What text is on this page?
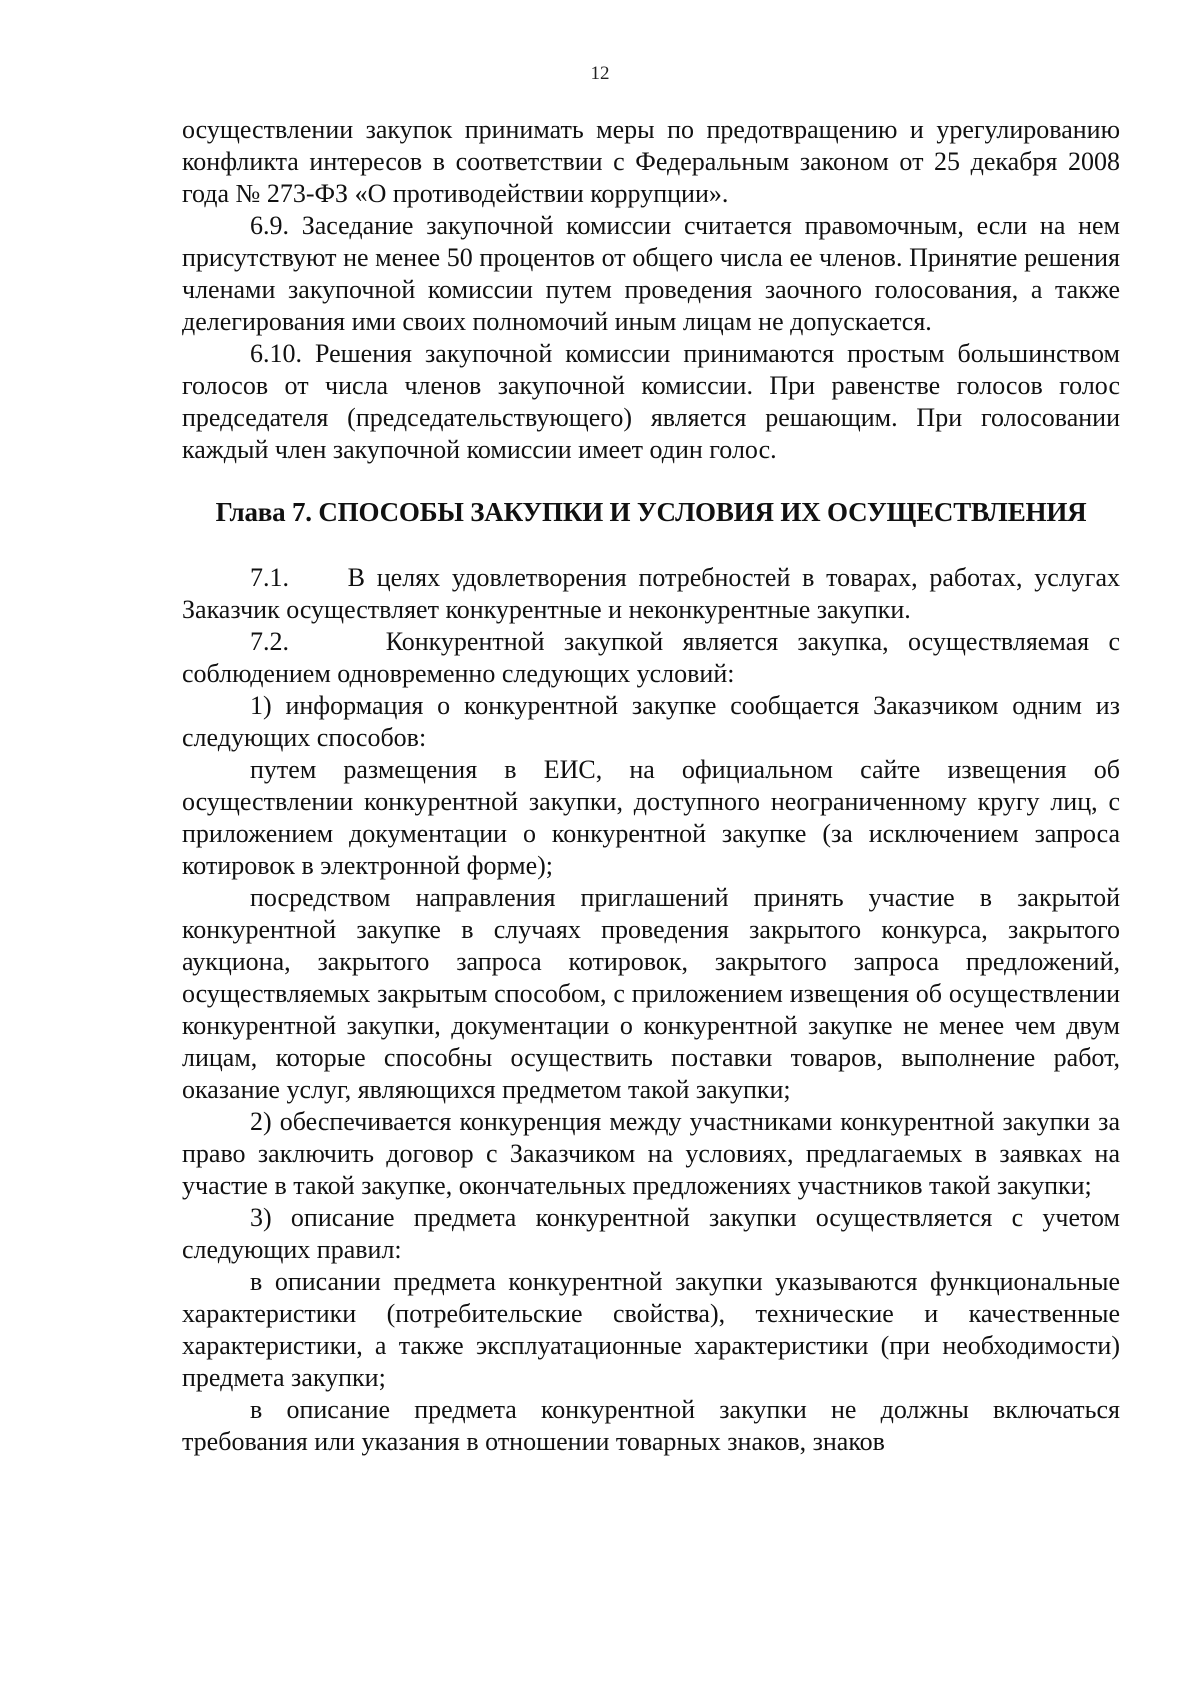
12

осуществлении закупок принимать меры по предотвращению и урегулированию конфликта интересов в соответствии с Федеральным законом от 25 декабря 2008 года № 273-ФЗ «О противодействии коррупции».

6.9. Заседание закупочной комиссии считается правомочным, если на нем присутствуют не менее 50 процентов от общего числа ее членов. Принятие решения членами закупочной комиссии путем проведения заочного голосования, а также делегирования ими своих полномочий иным лицам не допускается.

6.10. Решения закупочной комиссии принимаются простым большинством голосов от числа членов закупочной комиссии. При равенстве голосов голос председателя (председательствующего) является решающим. При голосовании каждый член закупочной комиссии имеет один голос.

Глава 7. СПОСОБЫ ЗАКУПКИ И УСЛОВИЯ ИХ ОСУЩЕСТВЛЕНИЯ

7.1.     В целях удовлетворения потребностей в товарах, работах, услугах Заказчик осуществляет конкурентные и неконкурентные закупки.

7.2.     Конкурентной закупкой является закупка, осуществляемая с соблюдением одновременно следующих условий:

1) информация о конкурентной закупке сообщается Заказчиком одним из следующих способов:

путем размещения в ЕИС, на официальном сайте извещения об осуществлении конкурентной закупки, доступного неограниченному кругу лиц, с приложением документации о конкурентной закупке (за исключением запроса котировок в электронной форме);

посредством направления приглашений принять участие в закрытой конкурентной закупке в случаях проведения закрытого конкурса, закрытого аукциона, закрытого запроса котировок, закрытого запроса предложений, осуществляемых закрытым способом, с приложением извещения об осуществлении конкурентной закупки, документации о конкурентной закупке не менее чем двум лицам, которые способны осуществить поставки товаров, выполнение работ, оказание услуг, являющихся предметом такой закупки;

2) обеспечивается конкуренция между участниками конкурентной закупки за право заключить договор с Заказчиком на условиях, предлагаемых в заявках на участие в такой закупке, окончательных предложениях участников такой закупки;

3) описание предмета конкурентной закупки осуществляется с учетом следующих правил:

в описании предмета конкурентной закупки указываются функциональные характеристики (потребительские свойства), технические и качественные характеристики, а также эксплуатационные характеристики (при необходимости) предмета закупки;

в описание предмета конкурентной закупки не должны включаться требования или указания в отношении товарных знаков, знаков
